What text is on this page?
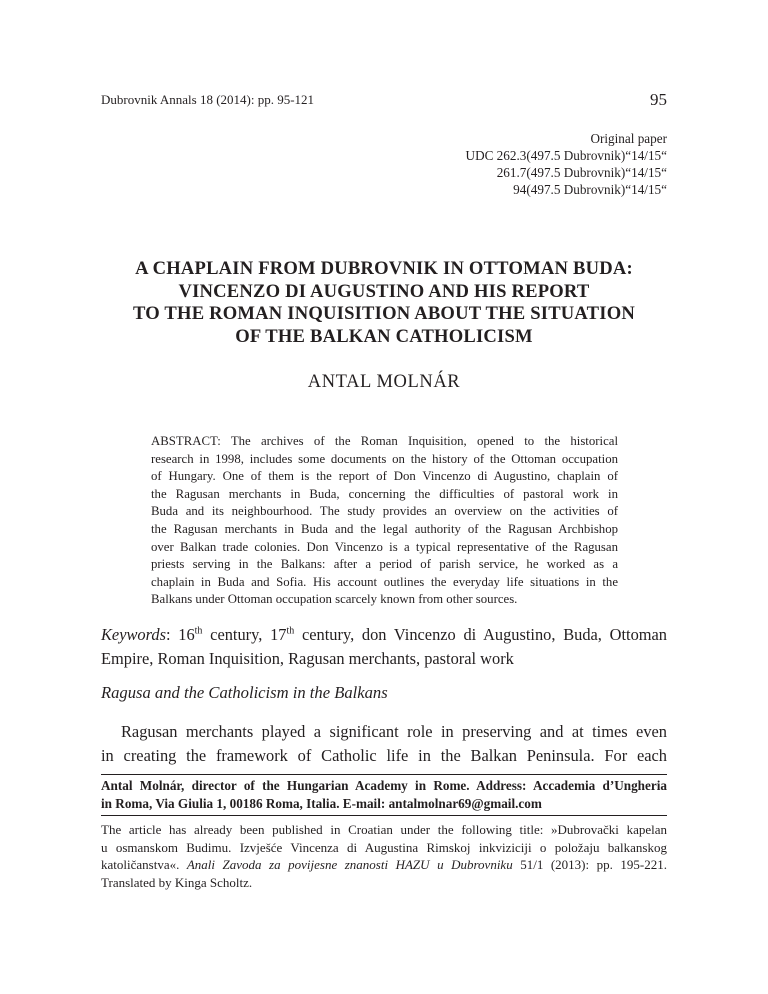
Dubrovnik Annals 18 (2014): pp. 95-121	95
Original paper
UDC 262.3(497.5 Dubrovnik)“14/15“
261.7(497.5 Dubrovnik)“14/15“
94(497.5 Dubrovnik)“14/15“
A CHAPLAIN FROM DUBROVNIK IN OTTOMAN BUDA:
VINCENZO DI AUGUSTINO AND HIS REPORT
TO THE ROMAN INQUISITION ABOUT THE SITUATION
OF THE BALKAN CATHOLICISM
ANTAL MOLNÁR
ABSTRACT: The archives of the Roman Inquisition, opened to the historical
research in 1998, includes some documents on the history of the Ottoman occupation
of Hungary. One of them is the report of Don Vincenzo di Augustino, chaplain of
the Ragusan merchants in Buda, concerning the difficulties of pastoral work in
Buda and its neighbourhood. The study provides an overview on the activities of
the Ragusan merchants in Buda and the legal authority of the Ragusan Archbishop
over Balkan trade colonies. Don Vincenzo is a typical representative of the Ragusan
priests serving in the Balkans: after a period of parish service, he worked as a
chaplain in Buda and Sofia. His account outlines the everyday life situations in the
Balkans under Ottoman occupation scarcely known from other sources.
Keywords: 16th century, 17th century, don Vincenzo di Augustino, Buda, Ottoman
Empire, Roman Inquisition, Ragusan merchants, pastoral work
Ragusa and the Catholicism in the Balkans
Ragusan merchants played a significant role in preserving and at times even
in creating the framework of Catholic life in the Balkan Peninsula. For each
Antal Molnár, director of the Hungarian Academy in Rome. Address: Accademia d’Ungheria
in Roma, Via Giulia 1, 00186 Roma, Italia. E-mail: antalmolnar69@gmail.com
The article has already been published in Croatian under the following title: »Dubrovački kapelan
u osmanskom Budimu. Izvješće Vincenza di Augustina Rimskoj inkviziciji o položaju balkanskog
katoličanstva«. Anali Zavoda za povijesne znanosti HAZU u Dubrovniku 51/1 (2013): pp. 195-221.
Translated by Kinga Scholtz.
